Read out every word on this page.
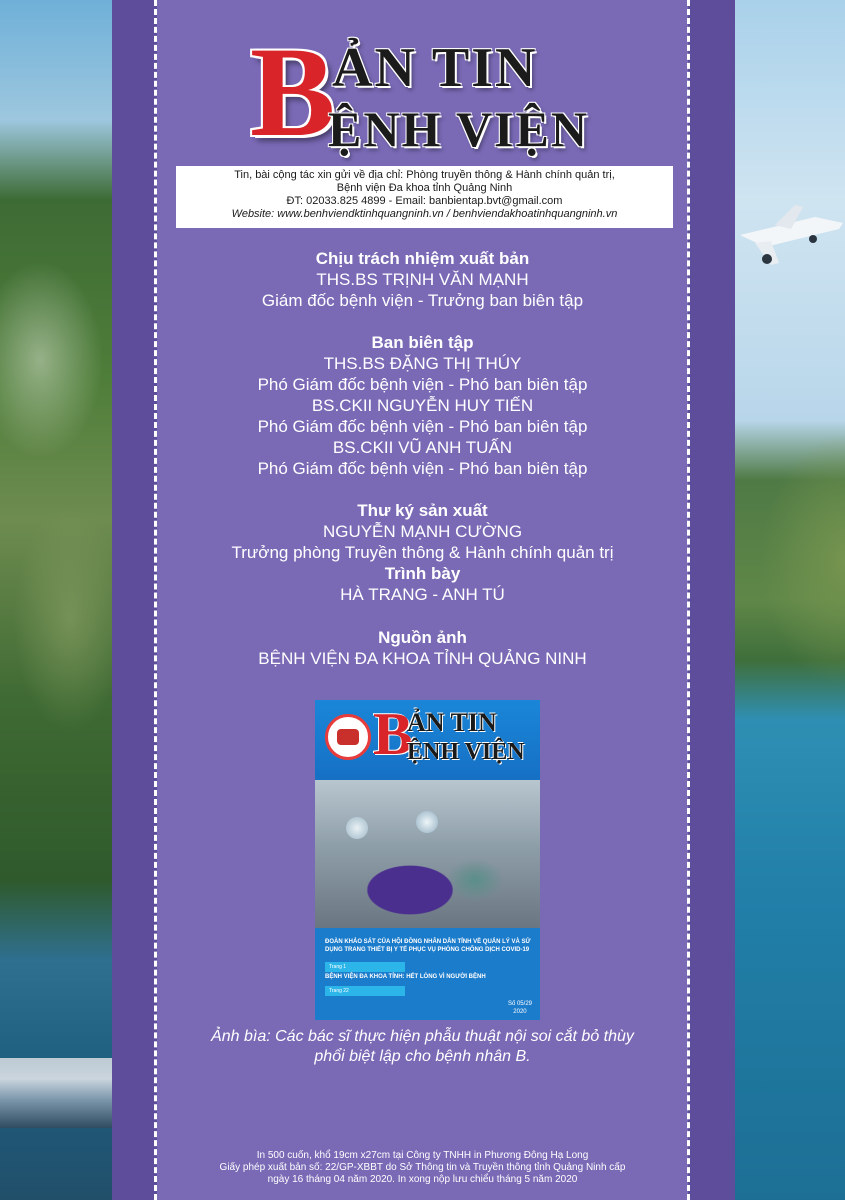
B
ẢN TIN
ỆNH VIỆN
Tin, bài cộng tác xin gửi về địa chỉ: Phòng truyền thông & Hành chính quản trị,
Bệnh viện Đa khoa tỉnh Quảng Ninh
ĐT: 02033.825 4899 - Email: banbientap.bvt@gmail.com
Website: www.benhviendktinhquangninh.vn / benhviendakhoatinhquangninh.vn
Chịu trách nhiệm xuất bản
THS.BS TRỊNH VĂN MẠNH
Giám đốc bệnh viện - Trưởng ban biên tập
Ban biên tập
THS.BS ĐẶNG THỊ THÚY
Phó Giám đốc bệnh viện - Phó ban biên tập
BS.CKII NGUYỄN HUY TIẾN
Phó Giám đốc bệnh viện - Phó ban biên tập
BS.CKII VŨ ANH TUẤN
Phó Giám đốc bệnh viện - Phó ban biên tập
Thư ký sản xuất
NGUYỄN MẠNH CƯỜNG
Trưởng phòng Truyền thông & Hành chính quản trị
Trình bày
HÀ TRANG - ANH TÚ
Nguồn ảnh
BỆNH VIỆN ĐA KHOA TỈNH QUẢNG NINH
B
ẢN TIN
ỆNH VIỆN
ĐOÀN KHẢO SÁT CỦA HỘI ĐỒNG NHÂN DÂN TỈNH VỀ QUẢN LÝ VÀ SỬ DỤNG TRANG THIẾT BỊ Y TẾ PHỤC VỤ PHÒNG CHỐNG DỊCH COVID-19
Trang 1
BỆNH VIỆN ĐA KHOA TỈNH: HẾT LÒNG VÌ NGƯỜI BỆNH
Trang 22
Số 05/29
2020
Ảnh bìa: Các bác sĩ thực hiện phẫu thuật nội soi cắt bỏ thùy
phổi biệt lập cho bệnh nhân B.
In 500 cuốn, khổ 19cm x27cm tại Công ty TNHH in Phương Đông Hạ Long
Giấy phép xuất bản số: 22/GP-XBBT do Sở Thông tin và Truyền thông tỉnh Quảng Ninh cấp
ngày 16 tháng 04 năm 2020. In xong nộp lưu chiểu tháng 5 năm 2020
